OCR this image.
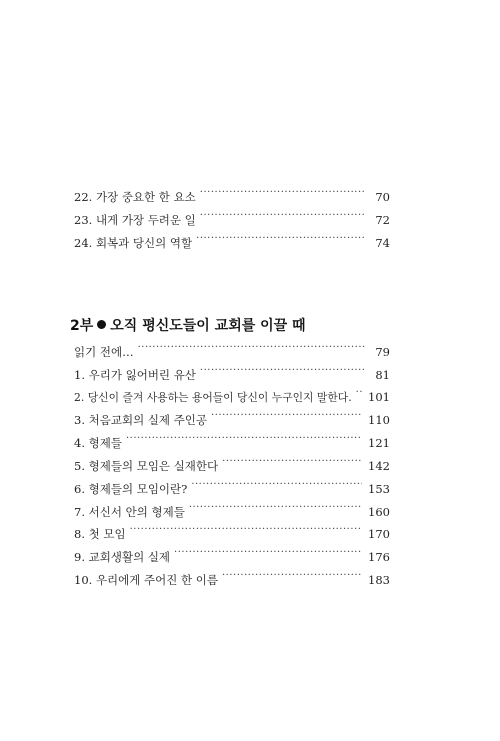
22. 가장 중요한 한 요소 ·····	70
23. 내게 가장 두려운 일 ·····	72
24. 회복과 당신의 역할 ·····	74
2부 오직 평신도들이 교회를 이끌 때
읽기 전에… ·····	79
1. 우리가 잃어버린 유산 ·····	81
2. 당신이 즐겨 사용하는 용어들이 당신이 누구인지 말한다. ·····	101
3. 처음교회의 실제 주인공 ·····	110
4. 형제들 ·····	121
5. 형제들의 모임은 실재한다 ·····	142
6. 형제들의 모임이란? ·····	153
7. 서신서 안의 형제들 ·····	160
8. 첫 모임 ·····	170
9. 교회생활의 실제 ·····	176
10. 우리에게 주어진 한 이름 ·····	183
